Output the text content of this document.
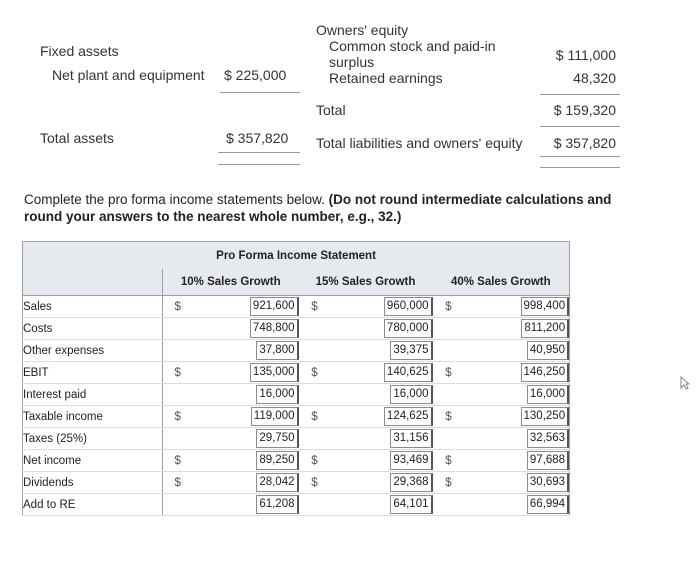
Fixed assets
Net plant and equipment $ 225,000
Total assets	$ 357,820
Owners' equity
Common stock and paid-in
surplus	$ 111,000
Retained earnings	48,320
Total	$ 159,320
Total liabilities and owners' equity	$ 357,820
Complete the pro forma income statements below. (Do not round intermediate calculations and round your answers to the nearest whole number, e.g., 32.)
Pro Forma Income Statement						
	10% Sales Growth		15% Sales Growth		40% Sales Growth	
Sales	$	921,600	$	960,000	$	998,400
Costs		748,800		780,000		811,200
Other expenses		37,800		39,375		40,950
EBIT	$	135,000	$	140,625	$	146,250
Interest paid		16,000		16,000		16,000
Taxable income	$	119,000	$	124,625	$	130,250
Taxes (25%)		29,750		31,156		32,563
Net income	$	89,250	$	93,469	$	97,688
Dividends	$	28,042	$	29,368	$	30,693
Add to RE		61,208		64,101		66,994
